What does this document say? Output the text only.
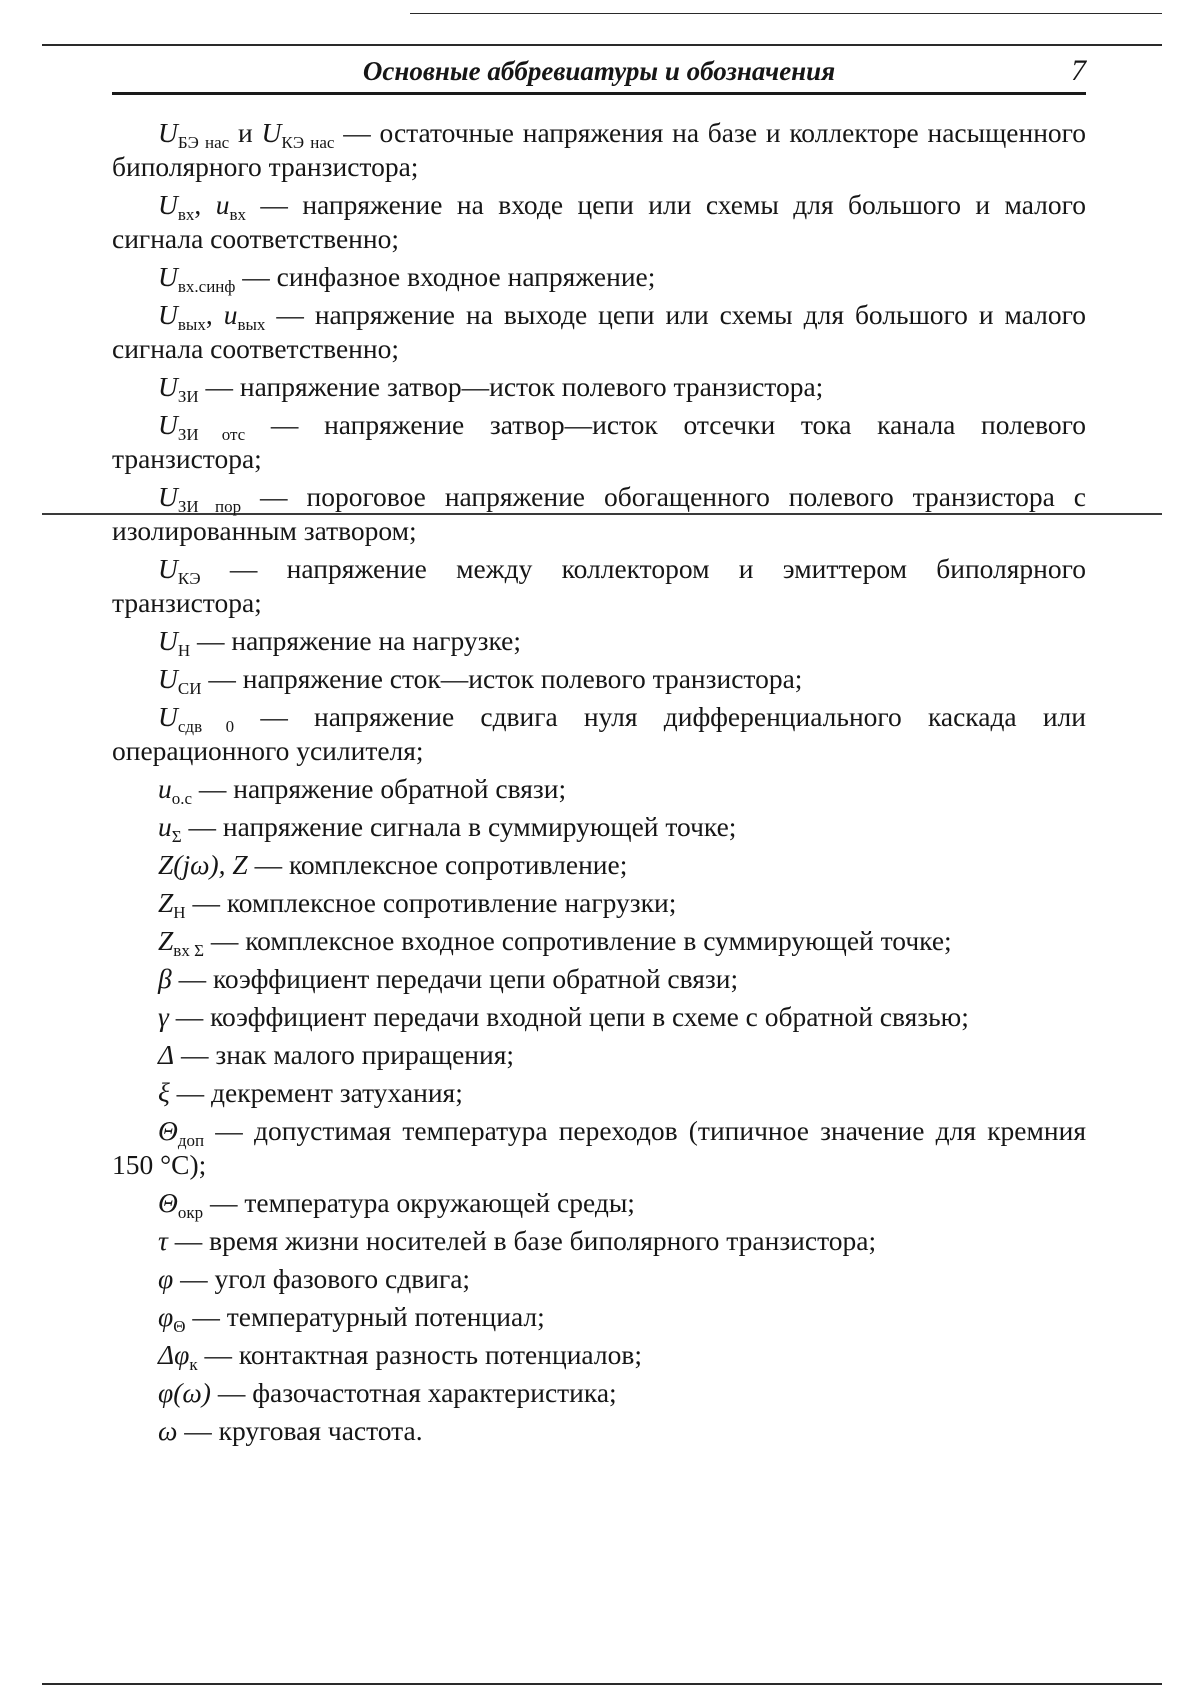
Основные аббревиатуры и обозначения	7

$U_{БЭ нас}$ и $U_{КЭ нас}$ — остаточные напряжения на базе и коллекторе насыщенного биполярного транзистора;

$U_{вх}$, $u_{вх}$ — напряжение на входе цепи или схемы для большого и малого сигнала соответственно;

$U_{вх.синф}$ — синфазное входное напряжение;

$U_{вых}$, $u_{вых}$ — напряжение на выходе цепи или схемы для большого и малого сигнала соответственно;

$U_{ЗИ}$ — напряжение затвор—исток полевого транзистора;

$U_{ЗИ отс}$ — напряжение затвор—исток отсечки тока канала полевого транзистора;

$U_{ЗИ пор}$ — пороговое напряжение обогащенного полевого транзистора с изолированным затвором;

$U_{КЭ}$ — напряжение между коллектором и эмиттером биполярного транзистора;

$U_Н$ — напряжение на нагрузке;

$U_{СИ}$ — напряжение сток—исток полевого транзистора;

$U_{сдв 0}$ — напряжение сдвига нуля дифференциального каскада или операционного усилителя;

$u_{о.с}$ — напряжение обратной связи;

$u_\Sigma$ — напряжение сигнала в суммирующей точке;

Z(jω), Z — комплексное сопротивление;

$Z_Н$ — комплексное сопротивление нагрузки;

$Z_{вх \Sigma}$ — комплексное входное сопротивление в суммирующей точке;

β — коэффициент передачи цепи обратной связи;

γ — коэффициент передачи входной цепи в схеме с обратной связью;

Δ — знак малого приращения;

ξ — декремент затухания;

$\Theta_{доп}$ — допустимая температура переходов (типичное значение для кремния 150 °С);

$\Theta_{окр}$ — температура окружающей среды;

τ — время жизни носителей в базе биполярного транзистора;

φ — угол фазового сдвига;

$\varphi_\Theta$ — температурный потенциал;

$\Delta\varphi_к$ — контактная разность потенциалов;

φ(ω) — фазочастотная характеристика;

ω — круговая частота.
